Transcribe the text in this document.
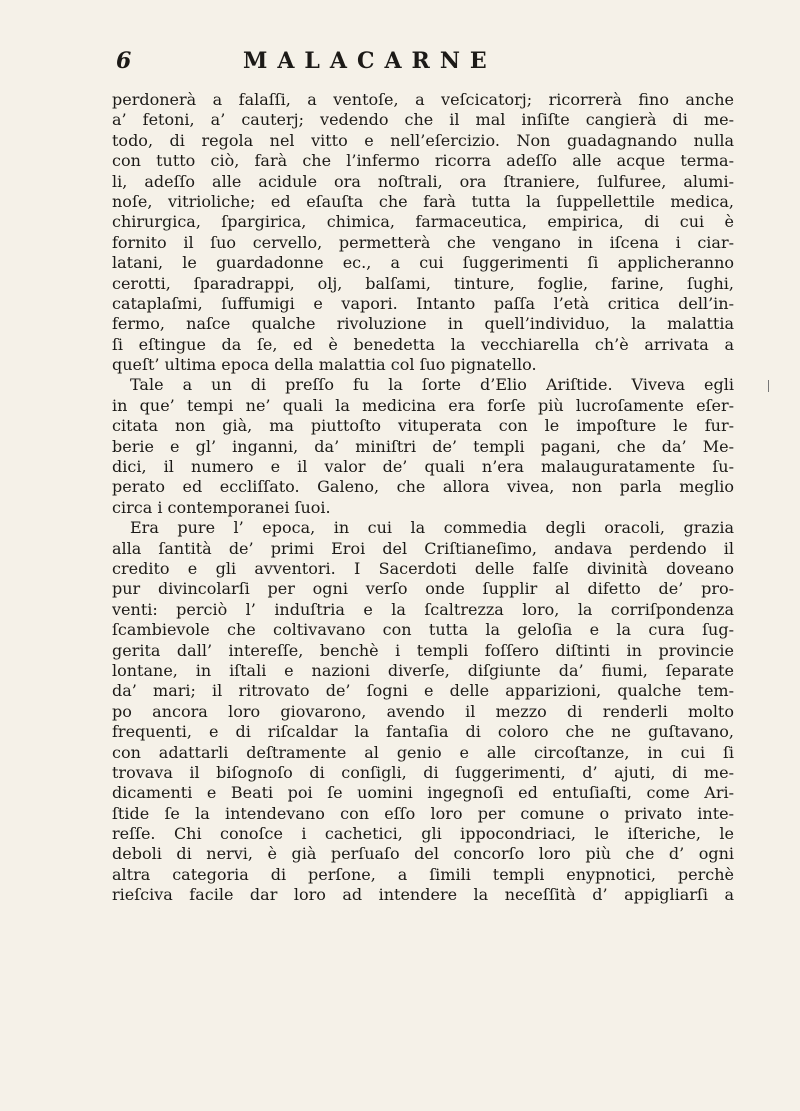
6	MALACARNE
perdonerà a falaſſi, a ventoſe, a veſcicatorj; ricorrerà fino anche
a’ fetoni, a’ cauterj; vedendo che il mal inſiſte cangierà di me-
todo, di regola nel vitto e nell’eſercizio. Non guadagnando nulla
con tutto ciò, farà che l’infermo ricorra adeſſo alle acque terma-
li, adeſſo alle acidule ora noſtrali, ora ſtraniere, ſulfuree, alumi-
noſe, vitrioliche; ed eſauſta che farà tutta la ſuppellettile medica,
chirurgica, ſpargirica, chimica, farmaceutica, empirica, di cui è
fornito il ſuo cervello, permetterà che vengano in iſcena i ciar-
latani, le guardadonne ec., a cui ſuggerimenti ſi applicheranno
cerotti, ſparadrappi, olj, balſami, tinture, foglie, farine, ſughi,
cataplaſmi, ſuffumigi e vapori. Intanto paſſa l’età critica dell’in-
fermo, naſce qualche rivoluzione in quell’individuo, la malattia
ſi eſtingue da ſe, ed è benedetta la vecchiarella ch’è arrivata a
queſt’ ultima epoca della malattia col ſuo pignatello.
Tale a un di preſſo fu la ſorte d’Elio Ariſtide. Viveva egli
in que’ tempi ne’ quali la medicina era forſe più lucroſamente eſer-
citata non già, ma piuttoſto vituperata con le impoſture le fur-
berie e gl’ inganni, da’ miniſtri de’ templi pagani, che da’ Me-
dici, il numero e il valor de’ quali n’era malauguratamente ſu-
perato ed eccliſſato. Galeno, che allora vivea, non parla meglio
circa i contemporanei ſuoi.
Era pure l’ epoca, in cui la commedia degli oracoli, grazia
alla ſantità de’ primi Eroi del Criſtianeſimo, andava perdendo il
credito e gli avventori. I Sacerdoti delle falſe divinità doveano
pur divincolarſi per ogni verſo onde ſupplir al difetto de’ pro-
venti: perciò l’ induſtria e la ſcaltrezza loro, la corriſpondenza
ſcambievole che coltivavano con tutta la geloſia e la cura ſug-
gerita dall’ intereſſe, benchè i templi foſſero diſtinti in provincie
lontane, in iſtali e nazioni diverſe, diſgiunte da’ fiumi, ſeparate
da’ mari; il ritrovato de’ ſogni e delle apparizioni, qualche tem-
po ancora loro giovarono, avendo il mezzo di renderli molto
frequenti, e di riſcaldar la fantaſia di coloro che ne guſtavano,
con adattarli deſtramente al genio e alle circoſtanze, in cui ſi
trovava il biſognoſo di conſigli, di ſuggerimenti, d’ ajuti, di me-
dicamenti e Beati poi ſe uomini ingegnoſi ed entuſiaſti, come Ari-
ſtide ſe la intendevano con eſſo loro per comune o privato inte-
reſſe. Chi conoſce i cachetici, gli ippocondriaci, le iſteriche, le
deboli di nervi, è già perſuaſo del concorſo loro più che d’ ogni
altra categoria di perſone, a ſimili templi enypnotici, perchè
rieſciva facile dar loro ad intendere la neceſſità d’ appigliarſi a
